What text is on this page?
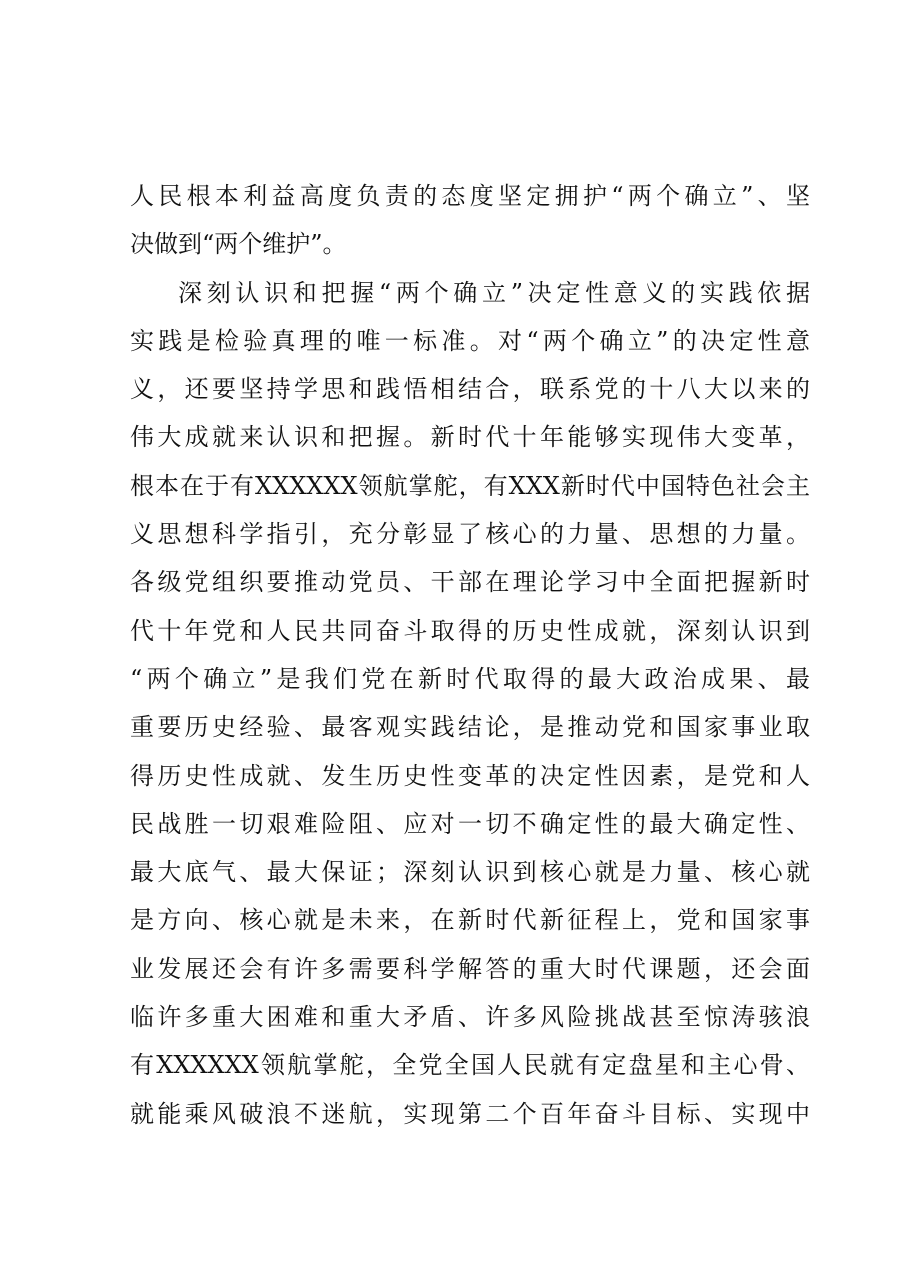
人民根本利益高度负责的态度坚定拥护“两个确立”、坚
决做到“两个维护”。
深刻认识和把握“两个确立”决定性意义的实践依据
实践是检验真理的唯一标准。对“两个确立”的决定性意
义，还要坚持学思和践悟相结合，联系党的十八大以来的
伟大成就来认识和把握。新时代十年能够实现伟大变革，
根本在于有XXXXXX领航掌舵，有XXX新时代中国特色社会主
义思想科学指引，充分彰显了核心的力量、思想的力量。
各级党组织要推动党员、干部在理论学习中全面把握新时
代十年党和人民共同奋斗取得的历史性成就，深刻认识到
“两个确立”是我们党在新时代取得的最大政治成果、最
重要历史经验、最客观实践结论，是推动党和国家事业取
得历史性成就、发生历史性变革的决定性因素，是党和人
民战胜一切艰难险阻、应对一切不确定性的最大确定性、
最大底气、最大保证；深刻认识到核心就是力量、核心就
是方向、核心就是未来，在新时代新征程上，党和国家事
业发展还会有许多需要科学解答的重大时代课题，还会面
临许多重大困难和重大矛盾、许多风险挑战甚至惊涛骇浪
有XXXXXX领航掌舵，全党全国人民就有定盘星和主心骨、
就能乘风破浪不迷航，实现第二个百年奋斗目标、实现中
